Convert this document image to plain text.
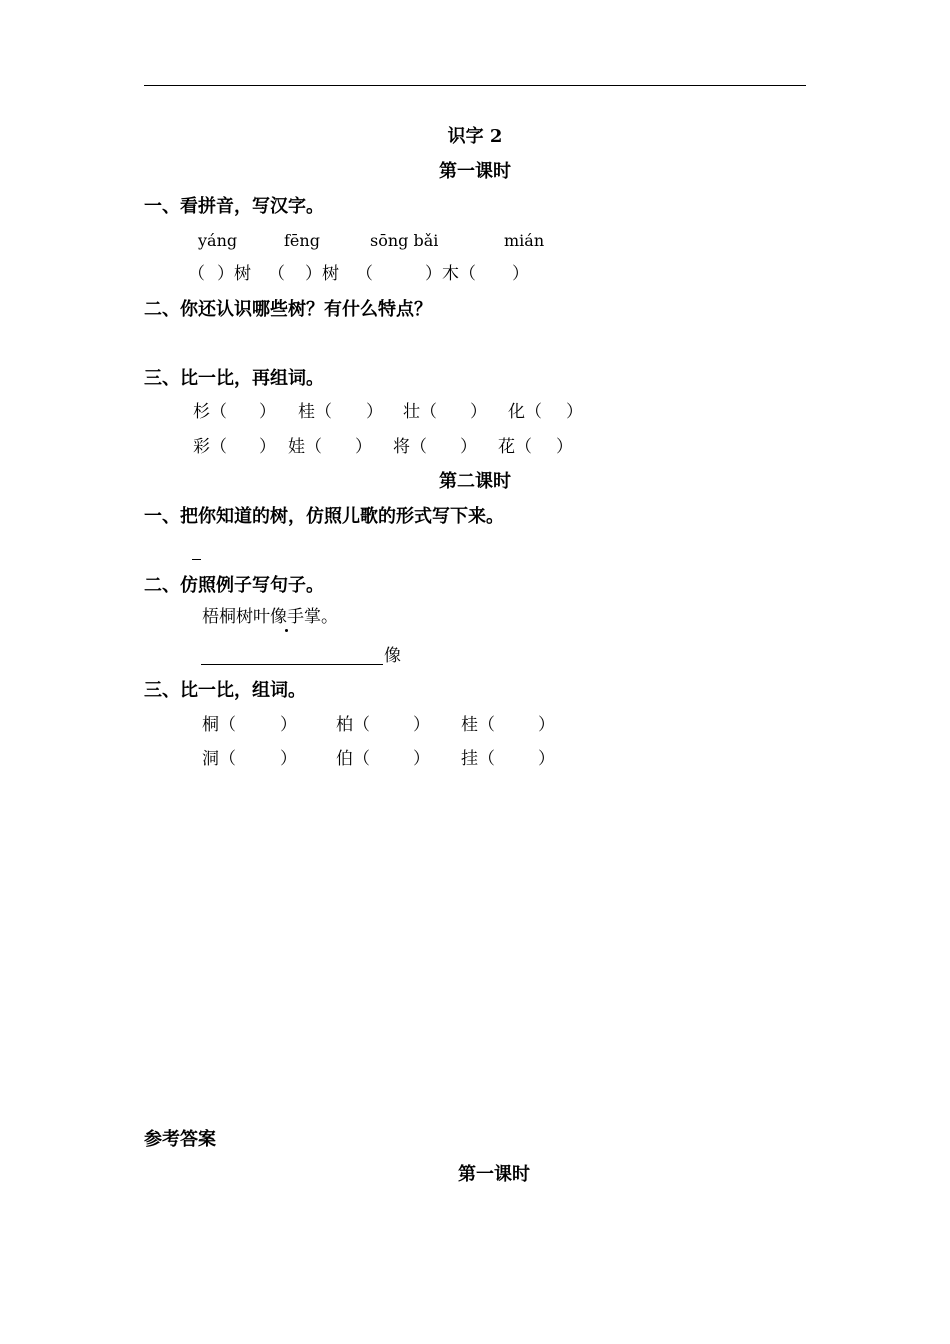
识字 2
第一课时
一、看拼音，写汉字。
yáng	fēng	sōng bǎi	mián
（ ）树 （ ）树 （	）木（ ）
二、你还认识哪些树？有什么特点？
三、比一比，再组词。
杉（ ） 桂（ ） 壮（ ） 化（ ）
彩（ ） 娃（ ） 将（ ） 花（ ）
第二课时
一、把你知道的树，仿照儿歌的形式写下来。
二、仿照例子写句子。
梧桐树叶像手掌。
像
三、比一比，组词。
桐（	） 柏（	） 桂（	）
洞（	） 伯（	） 挂（	）
参考答案
第一课时
